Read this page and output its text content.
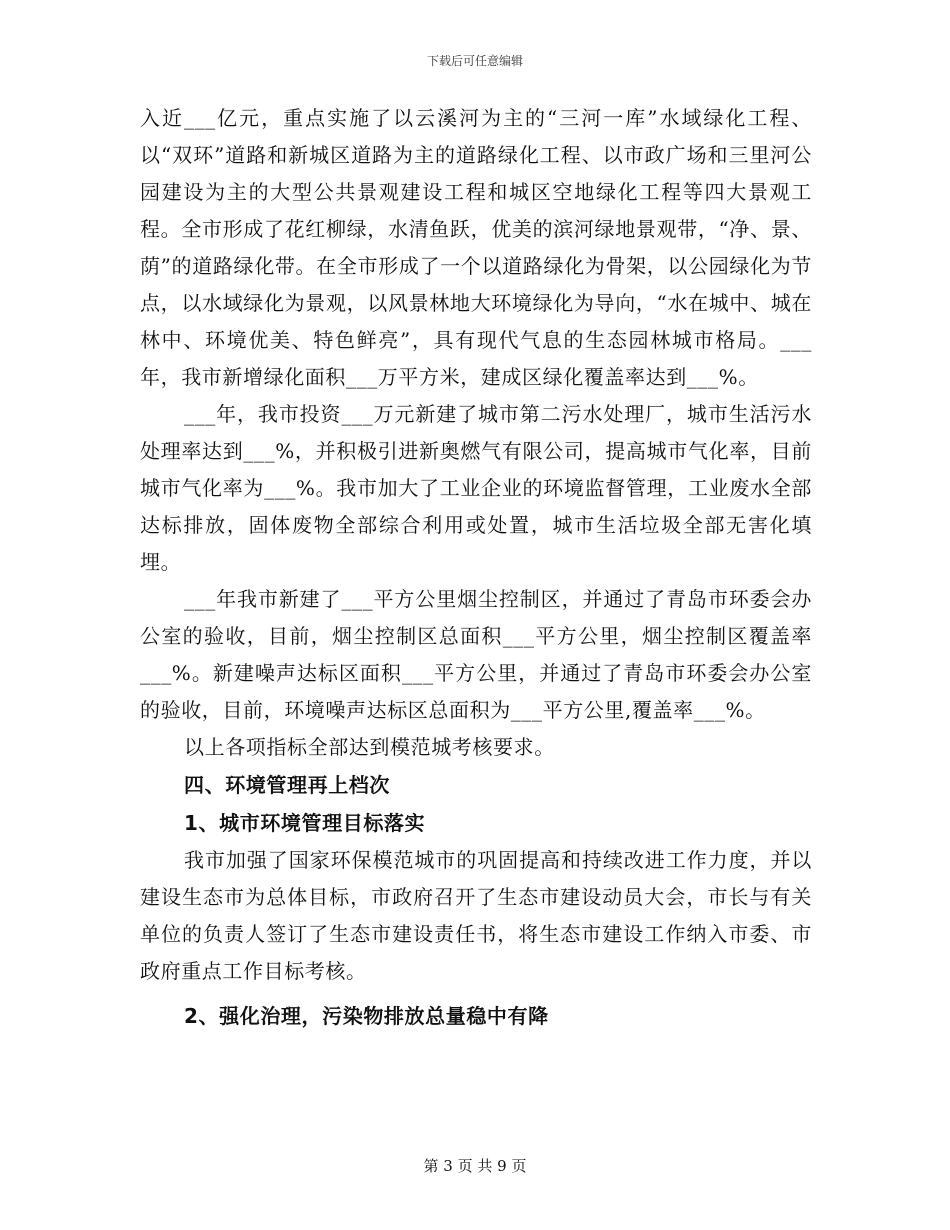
下载后可任意编辑

入近___亿元，重点实施了以云溪河为主的“三河一库”水域绿化工程、以“双环”道路和新城区道路为主的道路绿化工程、以市政广场和三里河公园建设为主的大型公共景观建设工程和城区空地绿化工程等四大景观工程。全市形成了花红柳绿，水清鱼跃，优美的滨河绿地景观带，“净、景、荫”的道路绿化带。在全市形成了一个以道路绿化为骨架，以公园绿化为节点，以水域绿化为景观，以风景林地大环境绿化为导向，“水在城中、城在林中、环境优美、特色鲜亮”，具有现代气息的生态园林城市格局。___年，我市新增绿化面积___万平方米，建成区绿化覆盖率达到___%。

___年，我市投资___万元新建了城市第二污水处理厂，城市生活污水处理率达到___%，并积极引进新奥燃气有限公司，提高城市气化率，目前城市气化率为___%。我市加大了工业企业的环境监督管理，工业废水全部达标排放，固体废物全部综合利用或处置，城市生活垃圾全部无害化填埋。

___年我市新建了___平方公里烟尘控制区，并通过了青岛市环委会办公室的验收，目前，烟尘控制区总面积___平方公里，烟尘控制区覆盖率___%。新建噪声达标区面积___平方公里，并通过了青岛市环委会办公室的验收，目前，环境噪声达标区总面积为___平方公里,覆盖率___%。

以上各项指标全部达到模范城考核要求。

四、环境管理再上档次

1、城市环境管理目标落实

我市加强了国家环保模范城市的巩固提高和持续改进工作力度，并以建设生态市为总体目标，市政府召开了生态市建设动员大会，市长与有关单位的负责人签订了生态市建设责任书，将生态市建设工作纳入市委、市政府重点工作目标考核。

2、强化治理，污染物排放总量稳中有降

第 3 页 共 9 页
